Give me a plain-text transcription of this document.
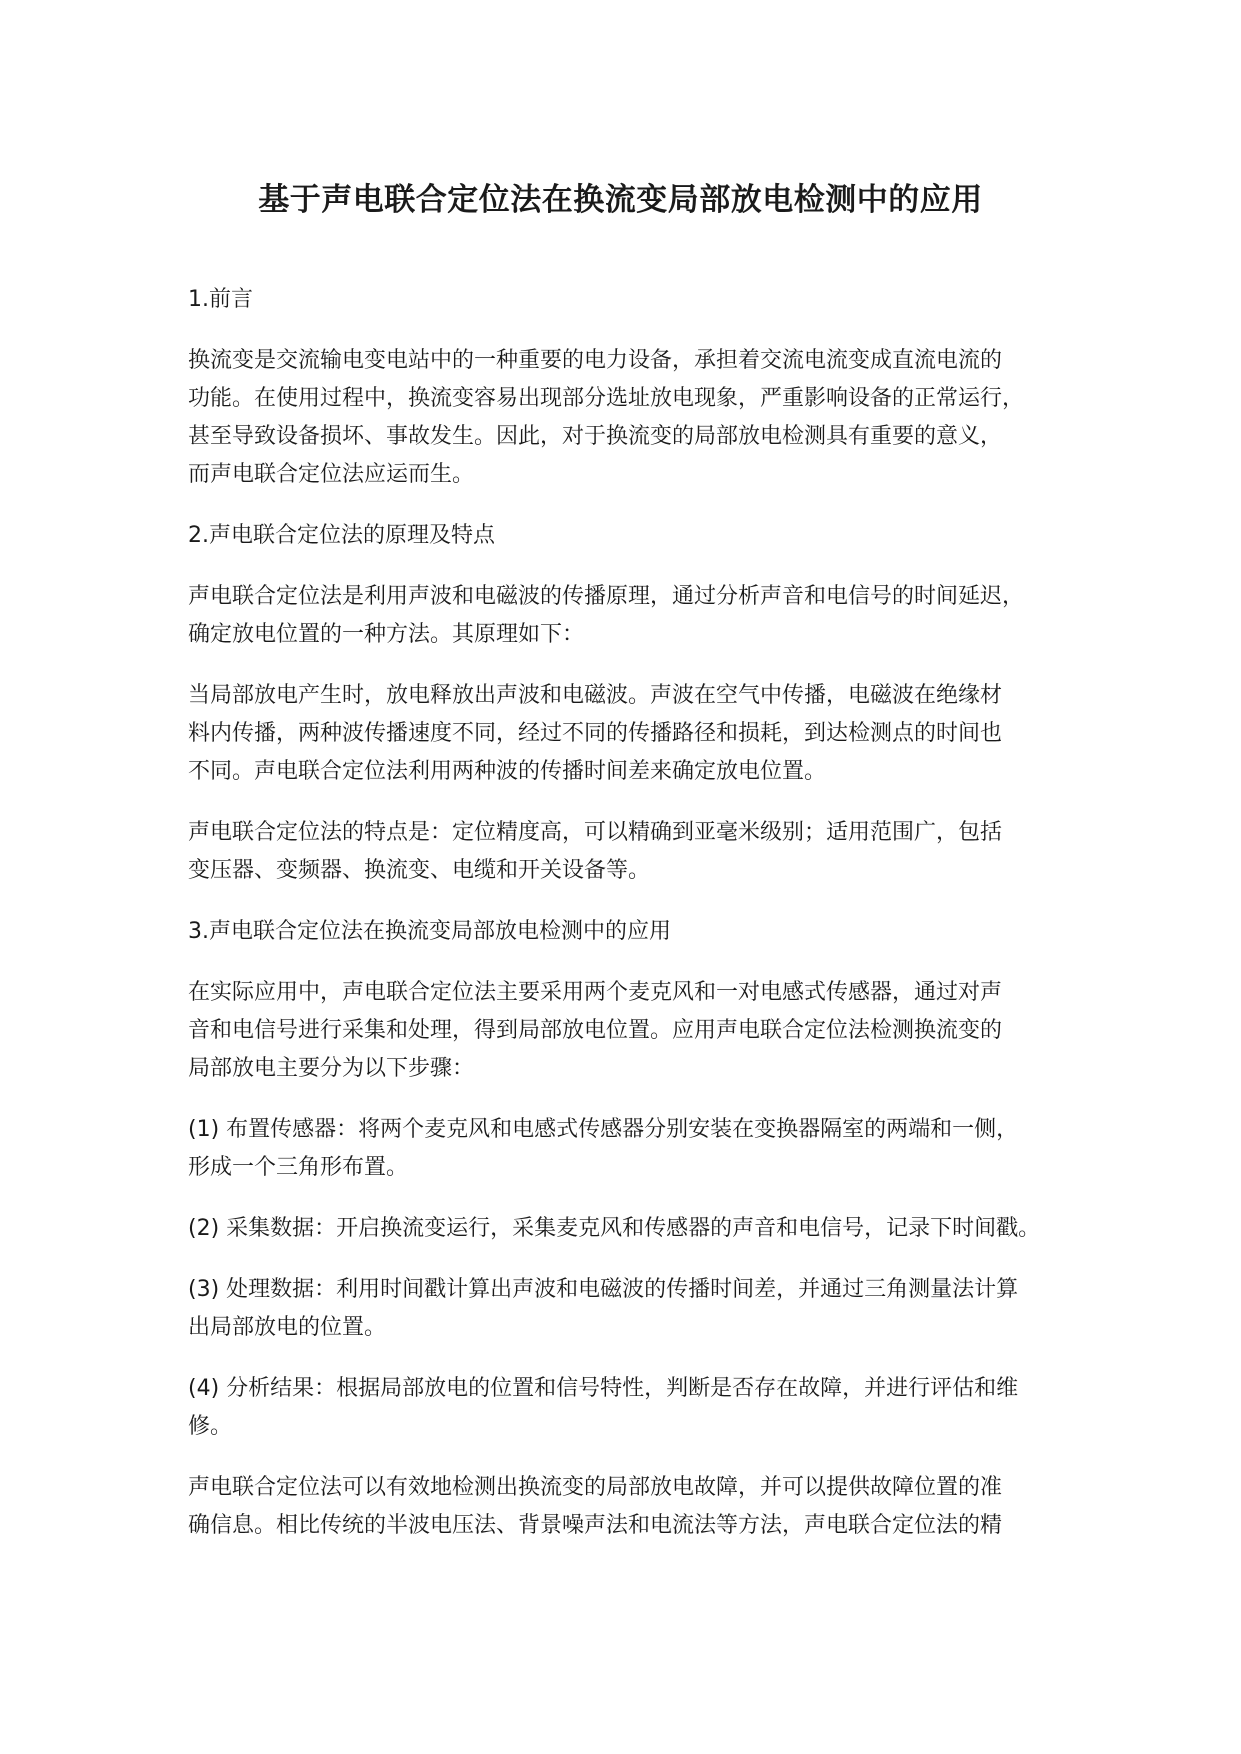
基于声电联合定位法在换流变局部放电检测中的应用
1.前言
换流变是交流输电变电站中的一种重要的电力设备，承担着交流电流变成直流电流的
功能。在使用过程中，换流变容易出现部分选址放电现象，严重影响设备的正常运行，
甚至导致设备损坏、事故发生。因此，对于换流变的局部放电检测具有重要的意义，
而声电联合定位法应运而生。
2.声电联合定位法的原理及特点
声电联合定位法是利用声波和电磁波的传播原理，通过分析声音和电信号的时间延迟，
确定放电位置的一种方法。其原理如下：
当局部放电产生时，放电释放出声波和电磁波。声波在空气中传播，电磁波在绝缘材
料内传播，两种波传播速度不同，经过不同的传播路径和损耗，到达检测点的时间也
不同。声电联合定位法利用两种波的传播时间差来确定放电位置。
声电联合定位法的特点是：定位精度高，可以精确到亚毫米级别；适用范围广，包括
变压器、变频器、换流变、电缆和开关设备等。
3.声电联合定位法在换流变局部放电检测中的应用
在实际应用中，声电联合定位法主要采用两个麦克风和一对电感式传感器，通过对声
音和电信号进行采集和处理，得到局部放电位置。应用声电联合定位法检测换流变的
局部放电主要分为以下步骤：
(1) 布置传感器：将两个麦克风和电感式传感器分别安装在变换器隔室的两端和一侧，
形成一个三角形布置。
(2) 采集数据：开启换流变运行，采集麦克风和传感器的声音和电信号，记录下时间戳。
(3) 处理数据：利用时间戳计算出声波和电磁波的传播时间差，并通过三角测量法计算
出局部放电的位置。
(4) 分析结果：根据局部放电的位置和信号特性，判断是否存在故障，并进行评估和维
修。
声电联合定位法可以有效地检测出换流变的局部放电故障，并可以提供故障位置的准
确信息。相比传统的半波电压法、背景噪声法和电流法等方法，声电联合定位法的精
